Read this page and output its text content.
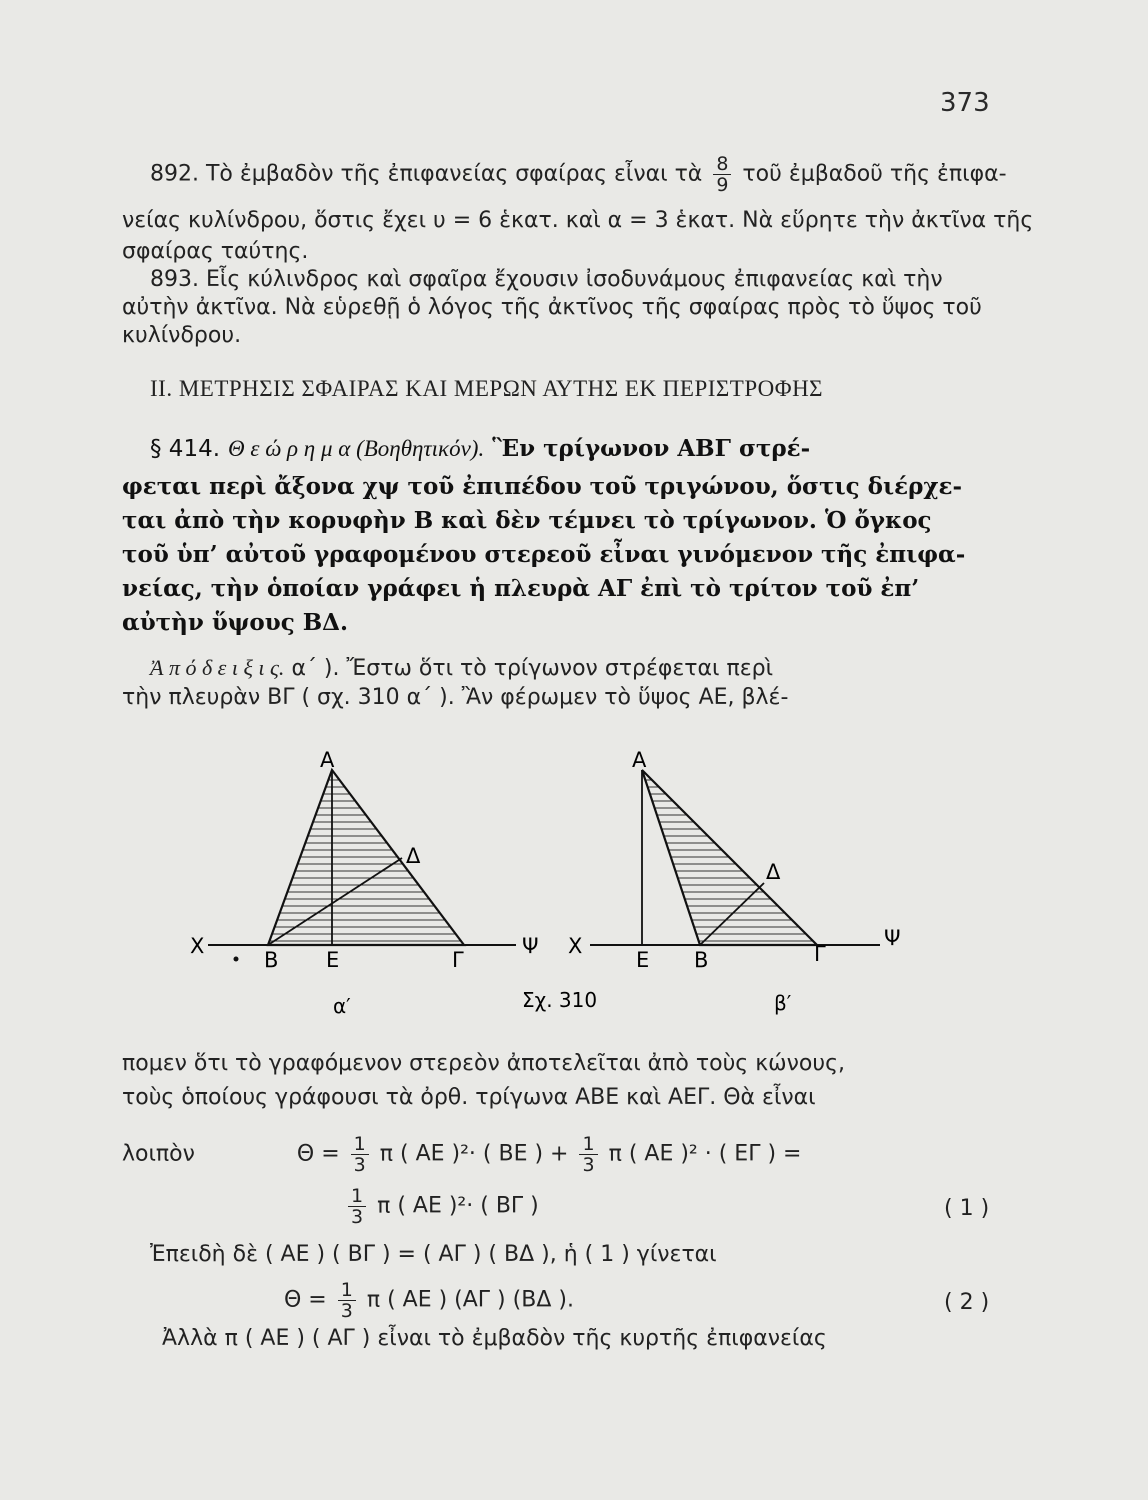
373
892. Τὸ ἐμβαδὸν τῆς ἐπιφανείας σφαίρας εἶναι τὰ $\frac{8}{9}$ τοῦ ἐμβαδοῦ τῆς ἐπιφα-
νείας κυλίνδρου, ὅστις ἔχει υ = 6 ἑκατ. καὶ α = 3 ἑκατ. Νὰ εὕρητε τὴν ἀκτῖνα τῆς
σφαίρας ταύτης.
893. Εἷς κύλινδρος καὶ σφαῖρα ἔχουσιν ἰσοδυνάμους ἐπιφανείας καὶ τὴν
αὐτὴν ἀκτῖνα. Νὰ εὑρεθῇ ὁ λόγος τῆς ἀκτῖνος τῆς σφαίρας πρὸς τὸ ὕψος τοῦ
κυλίνδρου.
ΙΙ. ΜΕΤΡΗΣΙΣ ΣΦΑΙΡΑΣ ΚΑΙ ΜΕΡΩΝ ΑΥΤΗΣ ΕΚ ΠΕΡΙΣΤΡΟΦΗΣ
§ 414. Θ ε ώ ρ η μ α (Βοηθητικόν). Ἓν τρίγωνον ΑΒΓ στρέ-
φεται περὶ ἄξονα χψ τοῦ ἐπιπέδου τοῦ τριγώνου, ὅστις διέρχε-
ται ἀπὸ τὴν κορυφὴν Β καὶ δὲν τέμνει τὸ τρίγωνον. Ὁ ὄγκος
τοῦ ὑπ’ αὐτοῦ γραφομένου στερεοῦ εἶναι γινόμενον τῆς ἐπιφα-
νείας, τὴν ὁποίαν γράφει ἡ πλευρὰ ΑΓ ἐπὶ τὸ τρίτον τοῦ ἐπ’
αὐτὴν ὕψους ΒΔ.
Ἀ π ό δ ε ι ξ ι ς. α΄ ). Ἔστω ὅτι τὸ τρίγωνον στρέφεται περὶ
τὴν πλευρὰν ΒΓ ( σχ. 310 α΄ ). Ἂν φέρωμεν τὸ ὕψος ΑΕ, βλέ-
Α
Δ
Χ
Β Ε	Γ
Ψ
α′	Σχ. 310
Α
Δ
Χ
Ε Β	Γ
Ψ
β′
πομεν ὅτι τὸ γραφόμενον στερεὸν ἀποτελεῖται ἀπὸ τοὺς κώνους,
τοὺς ὁποίους γράφουσι τὰ ὀρθ. τρίγωνα ΑΒΕ καὶ ΑΕΓ. Θὰ εἶναι
λοιπὸν	$\Theta = \frac{1}{3}$ π ( ΑΕ )²· ( ΒΕ ) + $\frac{1}{3}$ π ( ΑΕ )² · ( ΕΓ ) =
$\frac{1}{3}$ π ( ΑΕ )²· ( ΒΓ )	( 1 )
Ἐπειδὴ δὲ ( ΑΕ ) ( ΒΓ ) = ( ΑΓ ) ( ΒΔ ), ἡ ( 1 ) γίνεται
$\Theta = \frac{1}{3}$ π ( ΑΕ ) (ΑΓ ) (ΒΔ ).	( 2 )
Ἀλλὰ π ( ΑΕ ) ( ΑΓ ) εἶναι τὸ ἐμβαδὸν τῆς κυρτῆς ἐπιφανείας
